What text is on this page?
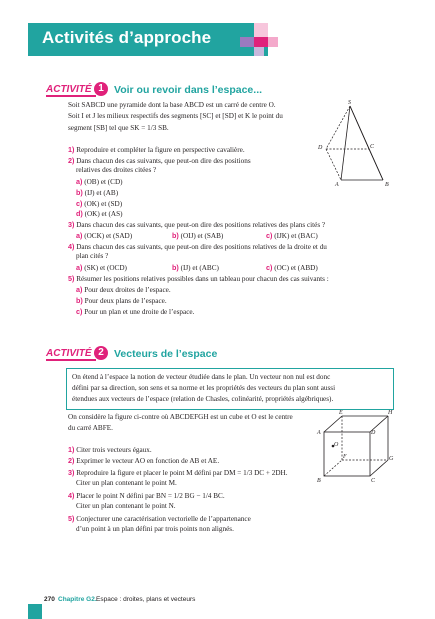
Activités d’approche
ACTIVITÉ 1 Voir ou revoir dans l’espace...
Soit SABCD une pyramide dont la base ABCD est un carré de centre O.
Soit I et J les milieux respectifs des segments [SC] et [SD] et K le point du
segment [SB] tel que SK = 1/3 SB.
1) Reproduire et compléter la figure en perspective cavalière.
2) Dans chacun des cas suivants, que peut-on dire des positions
relatives des droites citées ?
a) (OB) et (CD)
b) (IJ) et (AB)
c) (OK) et (SD)
d) (OK) et (AS)
3) Dans chacun des cas suivants, que peut-on dire des positions relatives des plans cités ?
a) (OCK) et (SAD)	b) (OIJ) et (SAB)	c) (IJK) et (BAC)
4) Dans chacun des cas suivants, que peut-on dire des positions relatives de la droite et du
plan cités ?
a) (SK) et (OCD)	b) (IJ) et (ABC)	c) (OC) et (ABD)
5) Résumer les positions relatives possibles dans un tableau pour chacun des cas suivants :
a) Pour deux droites de l’espace.
b) Pour deux plans de l’espace.
c) Pour un plan et une droite de l’espace.
S
D	C
A	B
ACTIVITÉ 2 Vecteurs de l’espace
On étend à l’espace la notion de vecteur étudiée dans le plan. Un vecteur non nul est donc
défini par sa direction, son sens et sa norme et les propriétés des vecteurs du plan sont aussi
étendues aux vecteurs de l’espace (relation de Chasles, colinéarité, propriétés algébriques).
On considère la figure ci-contre où ABCDEFGH est un cube et O est le centre
du carré ABFE.
1) Citer trois vecteurs égaux.
2) Exprimer le vecteur AO en fonction de AB et AE.
3) Reproduire la figure et placer le point M défini par DM = 1/3 DC + 2DH.
Citer un plan contenant le point M.
4) Placer le point N défini par BN = 1/2 BG − 1/4 BC.
Citer un plan contenant le point N.
5) Conjecturer une caractérisation vectorielle de l’appartenance
d’un point à un plan défini par trois points non alignés.
E	H
A	D
O
F	G
B	C
270 Chapitre G2. Espace : droites, plans et vecteurs
